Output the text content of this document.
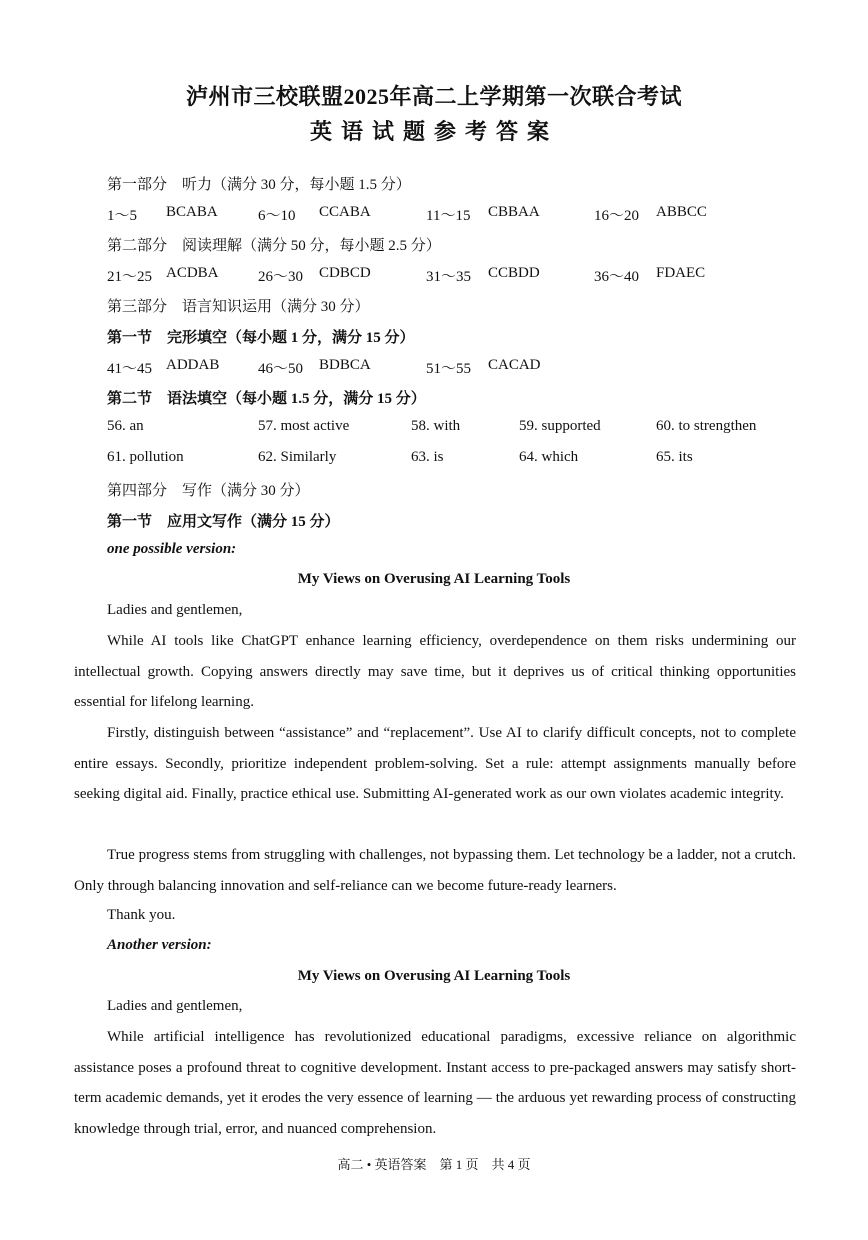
泸州市三校联盟2025年高二上学期第一次联合考试
英语试题参考答案
第一部分　听力（满分 30 分，每小题 1.5 分）
1～5 BCABA	6～10 CCABA	11～15 CBBAA	16～20 ABBCC
第二部分　阅读理解（满分 50 分，每小题 2.5 分）
21～25 ACDBA	26～30 CDBCD	31～35 CCBDD	36～40 FDAEC
第三部分　语言知识运用（满分 30 分）
第一节　完形填空（每小题 1 分，满分 15 分）
41～45 ADDAB	46～50 BDBCA	51～55 CACAD
第二节　语法填空（每小题 1.5 分，满分 15 分）
56. an	57. most active	58. with	59. supported	60. to strengthen
61. pollution	62. Similarly	63. is	64. which	65. its
第四部分　写作（满分 30 分）
第一节　应用文写作（满分 15 分）
one possible version:
My Views on Overusing AI Learning Tools
Ladies and gentlemen,
While AI tools like ChatGPT enhance learning efficiency, overdependence on them risks undermining our intellectual growth. Copying answers directly may save time, but it deprives us of critical thinking opportunities essential for lifelong learning.
Firstly, distinguish between “assistance” and “replacement”. Use AI to clarify difficult concepts, not to complete entire essays. Secondly, prioritize independent problem-solving. Set a rule: attempt assignments manually before seeking digital aid. Finally, practice ethical use. Submitting AI-generated work as our own violates academic integrity.
True progress stems from struggling with challenges, not bypassing them. Let technology be a ladder, not a crutch. Only through balancing innovation and self-reliance can we become future-ready learners.
Thank you.
Another version:
My Views on Overusing AI Learning Tools
Ladies and gentlemen,
While artificial intelligence has revolutionized educational paradigms, excessive reliance on algorithmic assistance poses a profound threat to cognitive development. Instant access to pre-packaged answers may satisfy short-term academic demands, yet it erodes the very essence of learning — the arduous yet rewarding process of constructing knowledge through trial, error, and nuanced comprehension.
高二 • 英语答案　第 1 页　共 4 页
